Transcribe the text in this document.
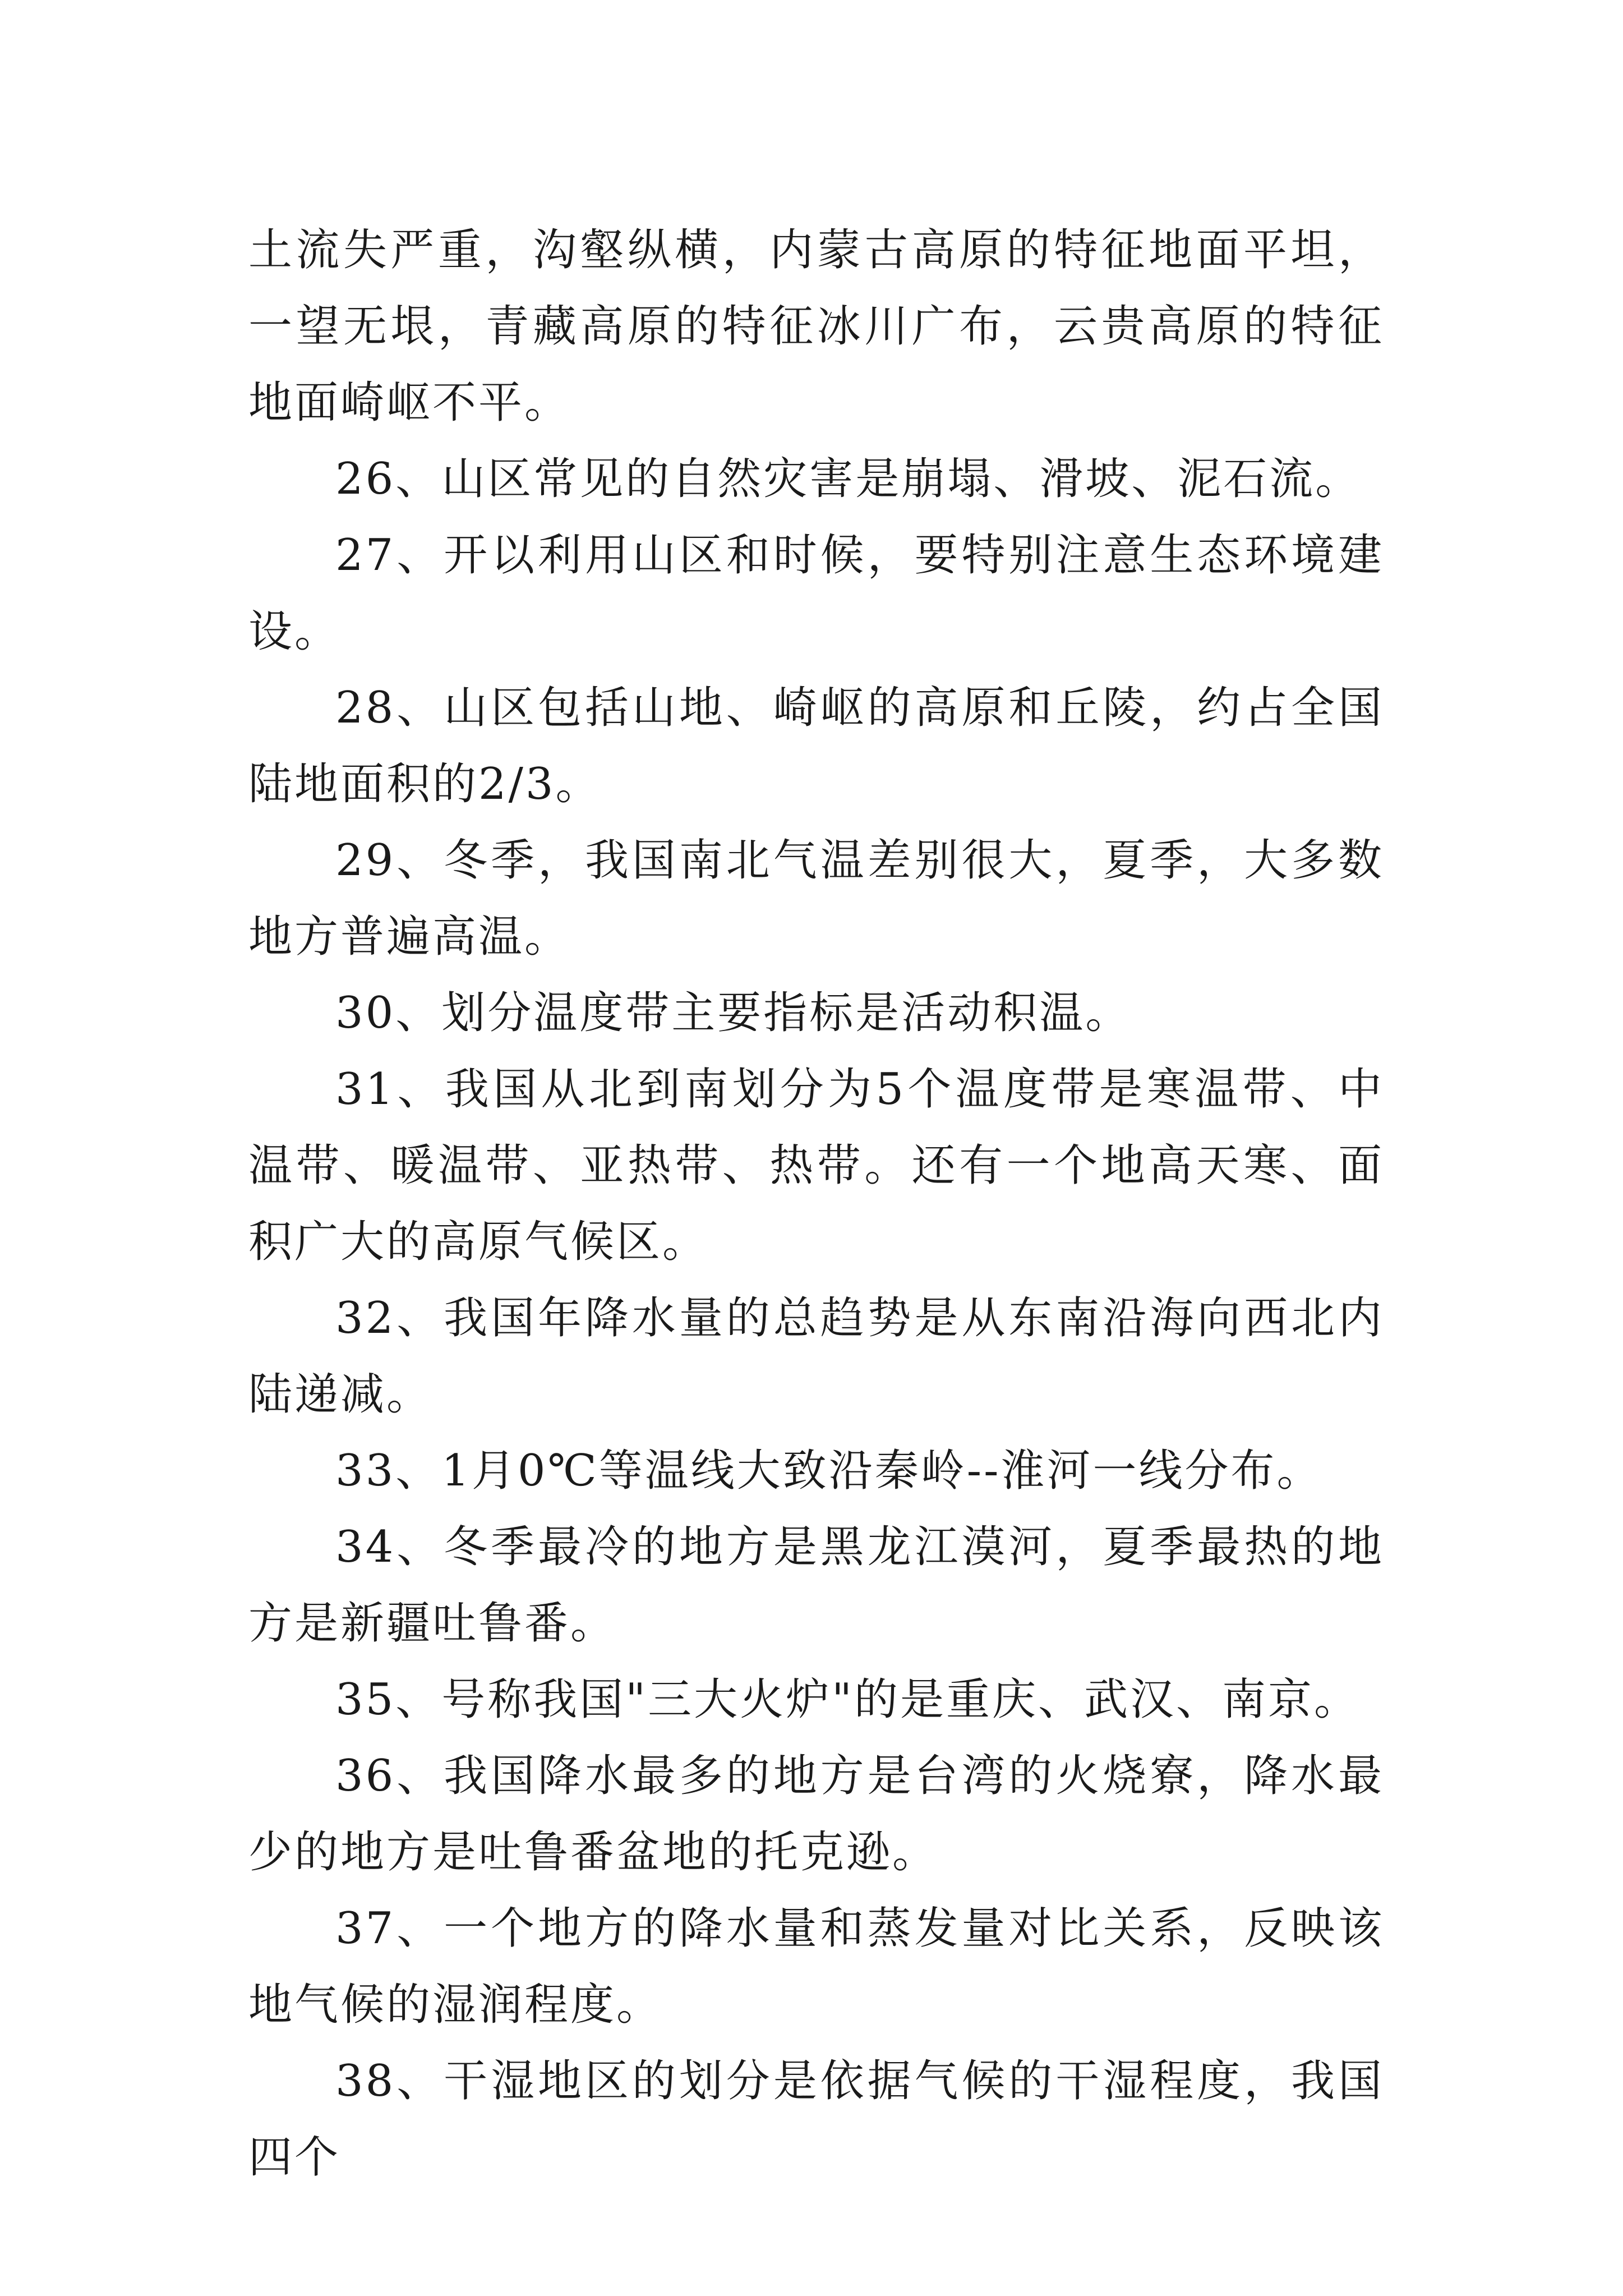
土流失严重，沟壑纵横，内蒙古高原的特征地面平坦，一望无垠，青藏高原的特征冰川广布，云贵高原的特征地面崎岖不平。

26、山区常见的自然灾害是崩塌、滑坡、泥石流。

27、开以利用山区和时候，要特别注意生态环境建设。

28、山区包括山地、崎岖的高原和丘陵，约占全国陆地面积的2/3。

29、冬季，我国南北气温差别很大，夏季，大多数地方普遍高温。

30、划分温度带主要指标是活动积温。

31、我国从北到南划分为5个温度带是寒温带、中温带、暖温带、亚热带、热带。还有一个地高天寒、面积广大的高原气候区。

32、我国年降水量的总趋势是从东南沿海向西北内陆递减。

33、1月0℃等温线大致沿秦岭--淮河一线分布。

34、冬季最冷的地方是黑龙江漠河，夏季最热的地方是新疆吐鲁番。

35、号称我国"三大火炉"的是重庆、武汉、南京。

36、我国降水最多的地方是台湾的火烧寮，降水最少的地方是吐鲁番盆地的托克逊。

37、一个地方的降水量和蒸发量对比关系，反映该地气候的湿润程度。

38、干湿地区的划分是依据气候的干湿程度，我国四个
